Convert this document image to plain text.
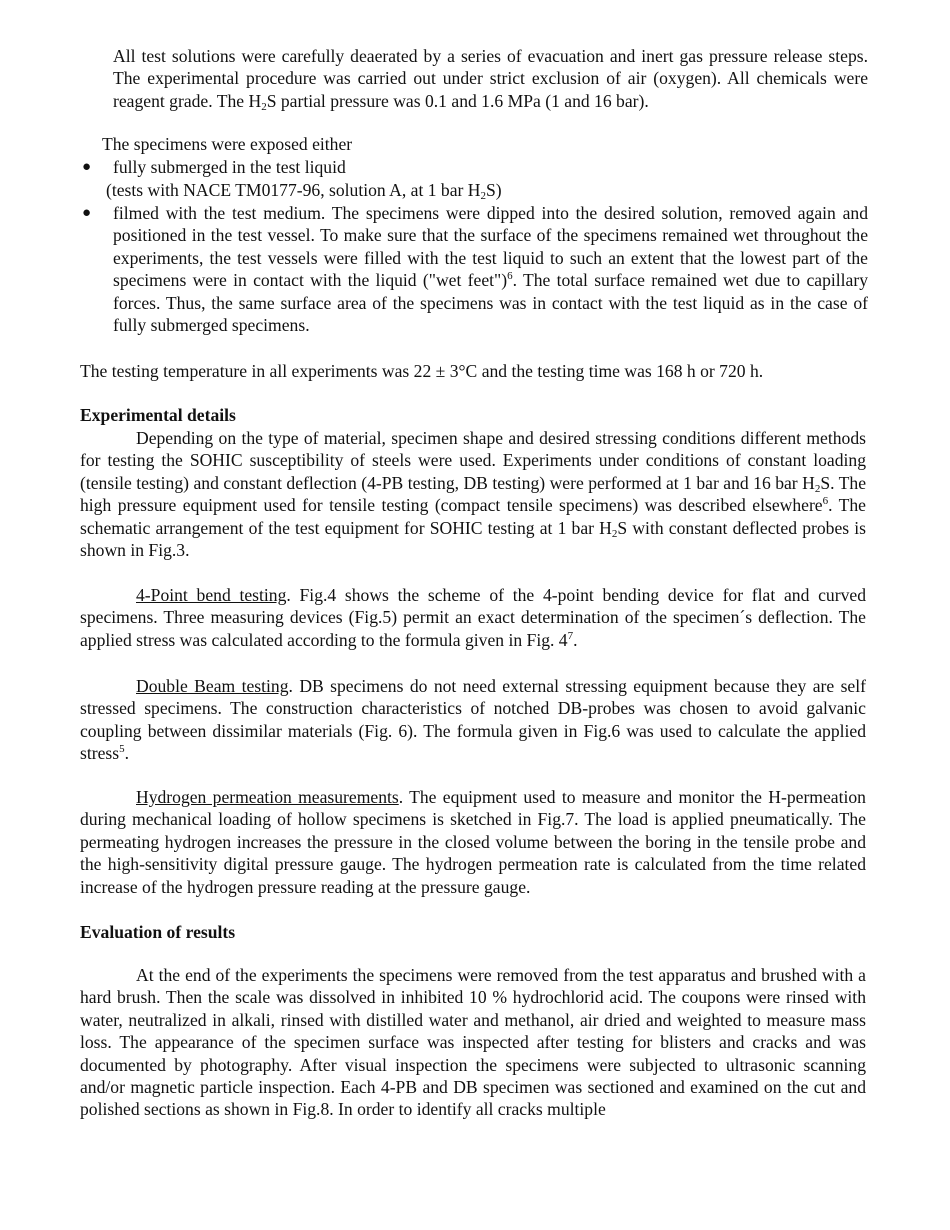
All test solutions were carefully deaerated by a series of evacuation and inert gas pressure release steps. The experimental procedure was carried out under strict exclusion of air (oxygen). All chemicals were reagent grade. The $H_2S$ partial pressure was 0.1 and 1.6 MPa (1 and 16 bar).

The specimens were exposed either

● fully submerged in the test liquid

(tests with NACE TM0177-96, solution A, at 1 bar $H_2S$)

● filmed with the test medium. The specimens were dipped into the desired solution, removed again and positioned in the test vessel. To make sure that the surface of the specimens remained wet throughout the experiments, the test vessels were filled with the test liquid to such an extent that the lowest part of the specimens were in contact with the liquid ("wet feet")$^6$. The total surface remained wet due to capillary forces. Thus, the same surface area of the specimens was in contact with the test liquid as in the case of fully submerged specimens.

The testing temperature in all experiments was 22 ± 3°C and the testing time was 168 h or 720 h.

Experimental details

Depending on the type of material, specimen shape and desired stressing conditions different methods for testing the SOHIC susceptibility of steels were used. Experiments under conditions of constant loading (tensile testing) and constant deflection (4-PB testing, DB testing) were performed at 1 bar and 16 bar $H_2S$. The high pressure equipment used for tensile testing (compact tensile specimens) was described elsewhere$^6$. The schematic arrangement of the test equipment for SOHIC testing at 1 bar $H_2S$ with constant deflected probes is shown in Fig.3.

4-Point bend testing. Fig.4 shows the scheme of the 4-point bending device for flat and curved specimens. Three measuring devices (Fig.5) permit an exact determination of the specimen´s deflection. The applied stress was calculated according to the formula given in Fig. $4^7$.

Double Beam testing. DB specimens do not need external stressing equipment because they are self stressed specimens. The construction characteristics of notched DB-probes was chosen to avoid galvanic coupling between dissimilar materials (Fig. 6). The formula given in Fig.6 was used to calculate the applied stress$^5$.

Hydrogen permeation measurements. The equipment used to measure and monitor the H-permeation during mechanical loading of hollow specimens is sketched in Fig.7. The load is applied pneumatically. The permeating hydrogen increases the pressure in the closed volume between the boring in the tensile probe and the high-sensitivity digital pressure gauge. The hydrogen permeation rate is calculated from the time related increase of the hydrogen pressure reading at the pressure gauge.

Evaluation of results

At the end of the experiments the specimens were removed from the test apparatus and brushed with a hard brush. Then the scale was dissolved in inhibited 10 % hydrochlorid acid. The coupons were rinsed with water, neutralized in alkali, rinsed with distilled water and methanol, air dried and weighted to measure mass loss. The appearance of the specimen surface was inspected after testing for blisters and cracks and was documented by photography. After visual inspection the specimens were subjected to ultrasonic scanning and/or magnetic particle inspection. Each 4-PB and DB specimen was sectioned and examined on the cut and polished sections as shown in Fig.8. In order to identify all cracks multiple
